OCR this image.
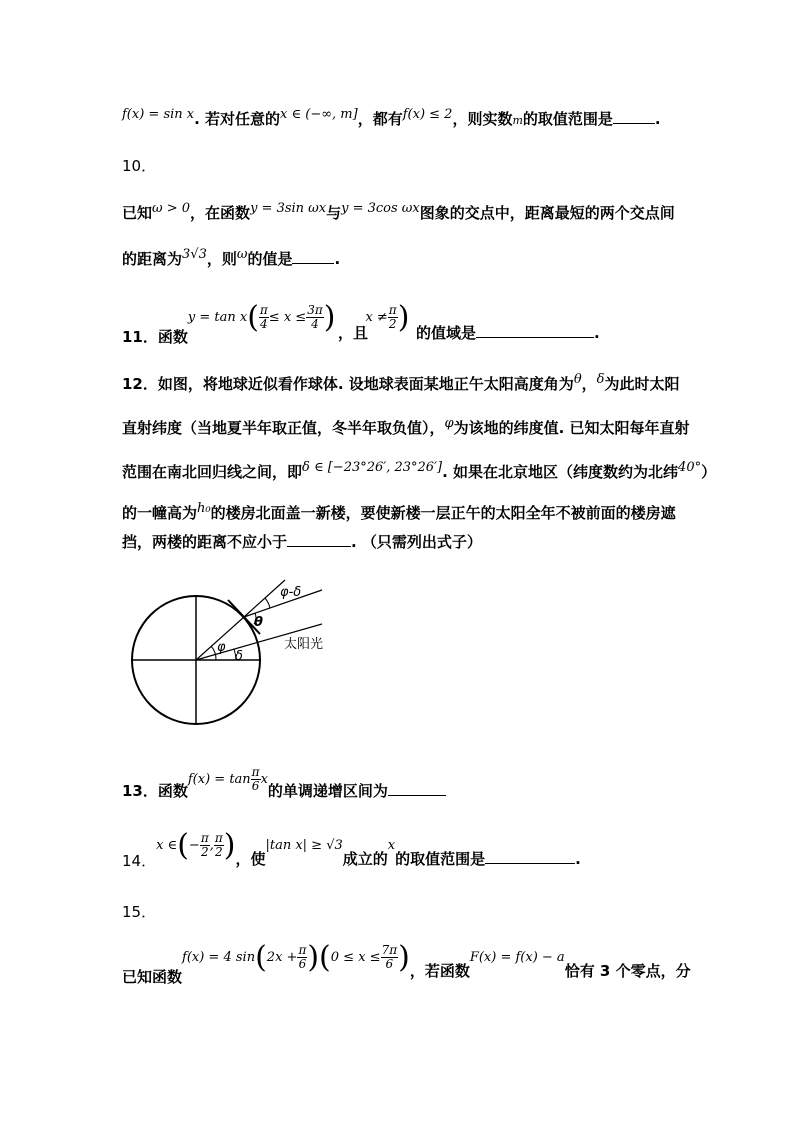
f(x) = sin x. 若对任意的x ∈ (−∞, m]，都有f(x) ≤ 2，则实数m的取值范围是	.
10．
已知ω > 0，在函数y = 3sin ωx与y = 3cos ωx图象的交点中，距离最短的两个交点间
的距离为3√3，则ω的值是	.
11．函数$y = \tan x( \frac{\pi}{4} \le x \le \frac{3\pi}{4}$ ) $x \ne \frac{\pi}{2}$ )
，且	的值域是	.
12．如图，将地球近似看作球体. 设地球表面某地正午太阳高度角为θ，δ为此时太阳
直射纬度（当地夏半年取正值，冬半年取负值），φ为该地的纬度值. 已知太阳每年直射
范围在南北回归线之间，即δ ∈ [−23°26′, 23°26′]. 如果在北京地区（纬度数约为北纬40°）
的一幢高为h₀的楼房北面盖一新楼，要使新楼一层正午的太阳全年不被前面的楼房遮
挡，两楼的距离不应小于	. （只需列出式子）
φ-δ
θ
φ
δ
太阳光
13．函数$f(x) = \tan \frac{\pi}{6}$ x的单调递增区间为
14．x ∈(− $\frac{\pi}{2}$ , $\frac{\pi}{2}$ )，使|tan x| ≥ √3成立的x的取值范围是	.
15．
已知函数f(x) = 4 $\sin(2x + \frac{\pi}{6} )(0 \le x \le \frac{7\pi}{6}$ )，若函数F(x) = f(x) − a恰有 3 个零点，分
